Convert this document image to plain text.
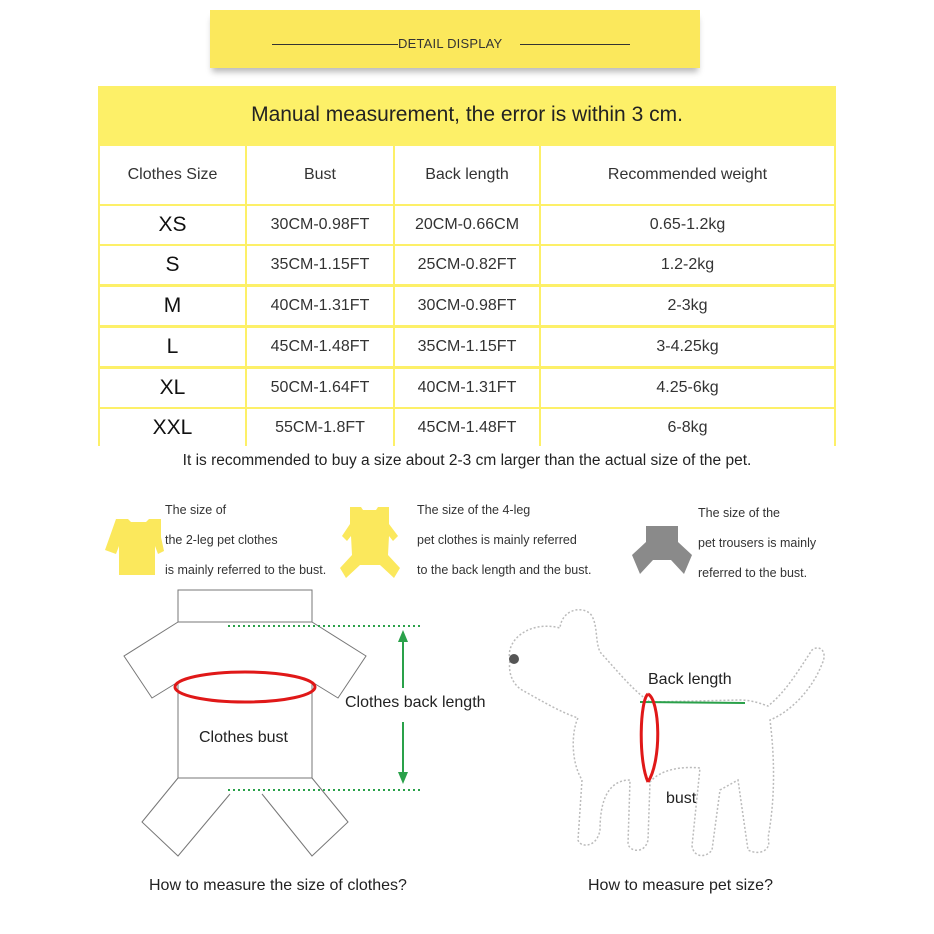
DETAIL DISPLAY
Manual measurement, the error is within 3 cm.
Clothes Size	Bust	Back length	Recommended weight
XS	30CM-0.98FT	20CM-0.66CM	0.65-1.2kg
S	35CM-1.15FT	25CM-0.82FT	1.2-2kg
M	40CM-1.31FT	30CM-0.98FT	2-3kg
L	45CM-1.48FT	35CM-1.15FT	3-4.25kg
XL	50CM-1.64FT	40CM-1.31FT	4.25-6kg
XXL	55CM-1.8FT	45CM-1.48FT	6-8kg
It is recommended to buy a size about 2-3 cm larger than the actual size of the pet.
The size of
the 2-leg pet clothes
is mainly referred to the bust.
The size of the 4-leg
pet clothes is mainly referred
to the back length and the bust.
The size of the
pet trousers is mainly
referred to the bust.
Clothes bust
Clothes back length
How to measure the size of clothes?
Back length
bust
How to measure pet size?
